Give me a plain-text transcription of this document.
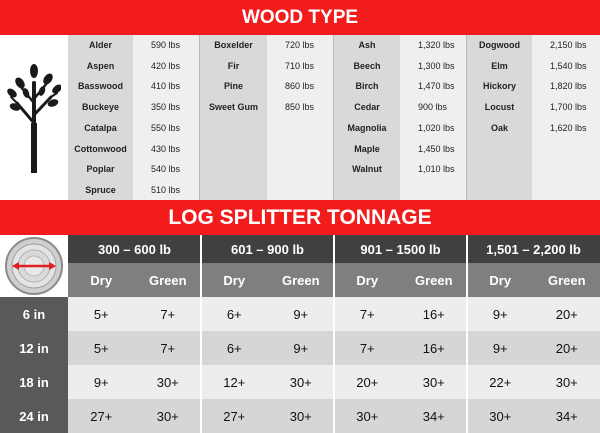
WOOD TYPE
Alder	590 lbs
Aspen	420 lbs
Basswood	410 lbs
Buckeye	350 lbs
Catalpa	550 lbs
Cottonwood	430 lbs
Poplar	540 lbs
Spruce	510 lbs
Boxelder	720 lbs
Fir	710 lbs
Pine	860 lbs
Sweet Gum	850 lbs
Ash	1,320 lbs
Beech	1,300 lbs
Birch	1,470 lbs
Cedar	900 lbs
Magnolia	1,020 lbs
Maple	1,450 lbs
Walnut	1,010 lbs
Dogwood	2,150 lbs
Elm	1,540 lbs
Hickory	1,820 lbs
Locust	1,700 lbs
Oak	1,620 lbs
LOG SPLITTER TONNAGE
300 – 600 lb
Dry	Green
601 – 900 lb
Dry	Green
901 – 1500 lb
Dry	Green
1,501 – 2,200 lb
Dry	Green
6 in	5+	7+	6+	9+	7+	16+	9+	20+
12 in	5+	7+	6+	9+	7+	16+	9+	20+
18 in	9+	30+	12+	30+	20+	30+	22+	30+
24 in	27+	30+	27+	30+	30+	34+	30+	34+
